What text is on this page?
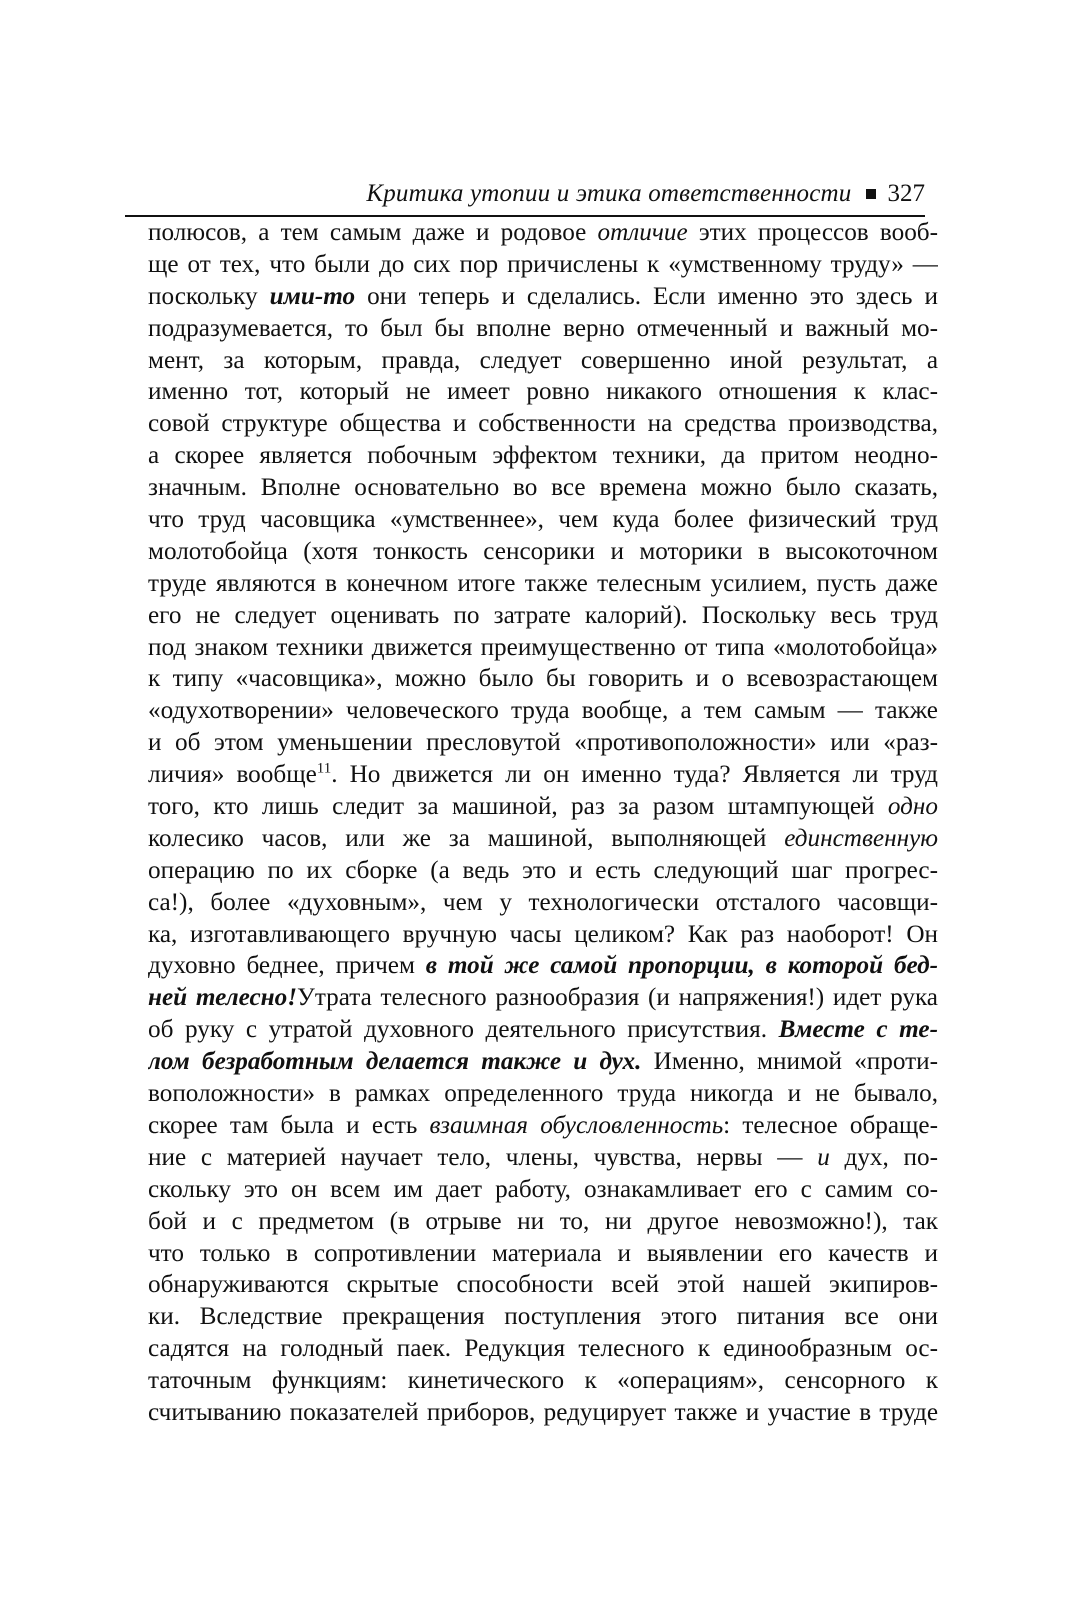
Критика утопии и этика ответственности 327
полюсов, а тем самым даже и родовое отличие этих процессов вооб-
ще от тех, что были до сих пор причислены к «умственному труду» —
поскольку ими-то они теперь и сделались. Если именно это здесь и
подразумевается, то был бы вполне верно отмеченный и важный мо-
мент, за которым, правда, следует совершенно иной результат, а
именно тот, который не имеет ровно никакого отношения к клас-
совой структуре общества и собственности на средства производства,
а скорее является побочным эффектом техники, да притом неодно-
значным. Вполне основательно во все времена можно было сказать,
что труд часовщика «умственнее», чем куда более физический труд
молотобойца (хотя тонкость сенсорики и моторики в высокоточном
труде являются в конечном итоге также телесным усилием, пусть даже
его не следует оценивать по затрате калорий). Поскольку весь труд
под знаком техники движется преимущественно от типа «молотобойца»
к типу «часовщика», можно было бы говорить и о всевозрастающем
«одухотворении» человеческого труда вообще, а тем самым — также
и об этом уменьшении пресловутой «противоположности» или «раз-
личия» вообще$^{11}$. Но движется ли он именно туда? Является ли труд
того, кто лишь следит за машиной, раз за разом штампующей одно
колесико часов, или же за машиной, выполняющей единственную
операцию по их сборке (а ведь это и есть следующий шаг прогрес-
са!), более «духовным», чем у технологически отсталого часовщи-
ка, изготавливающего вручную часы целиком? Как раз наоборот! Он
духовно беднее, причем в той же самой пропорции, в которой бед-
ней телесно!Утрата телесного разнообразия (и напряжения!) идет рука
об руку с утратой духовного деятельного присутствия. Вместе с те-
лом безработным делается также и дух. Именно, мнимой «проти-
воположности» в рамках определенного труда никогда и не бывало,
скорее там была и есть взаимная обусловленность: телесное обраще-
ние с материей научает тело, члены, чувства, нервы — и дух, по-
скольку это он всем им дает работу, ознакамливает его с самим со-
бой и с предметом (в отрыве ни то, ни другое невозможно!), так
что только в сопротивлении материала и выявлении его качеств и
обнаруживаются скрытые способности всей этой нашей экипиров-
ки. Вследствие прекращения поступления этого питания все они
садятся на голодный паек. Редукция телесного к единообразным ос-
таточным функциям: кинетического к «операциям», сенсорного к
считыванию показателей приборов, редуцирует также и участие в труде
